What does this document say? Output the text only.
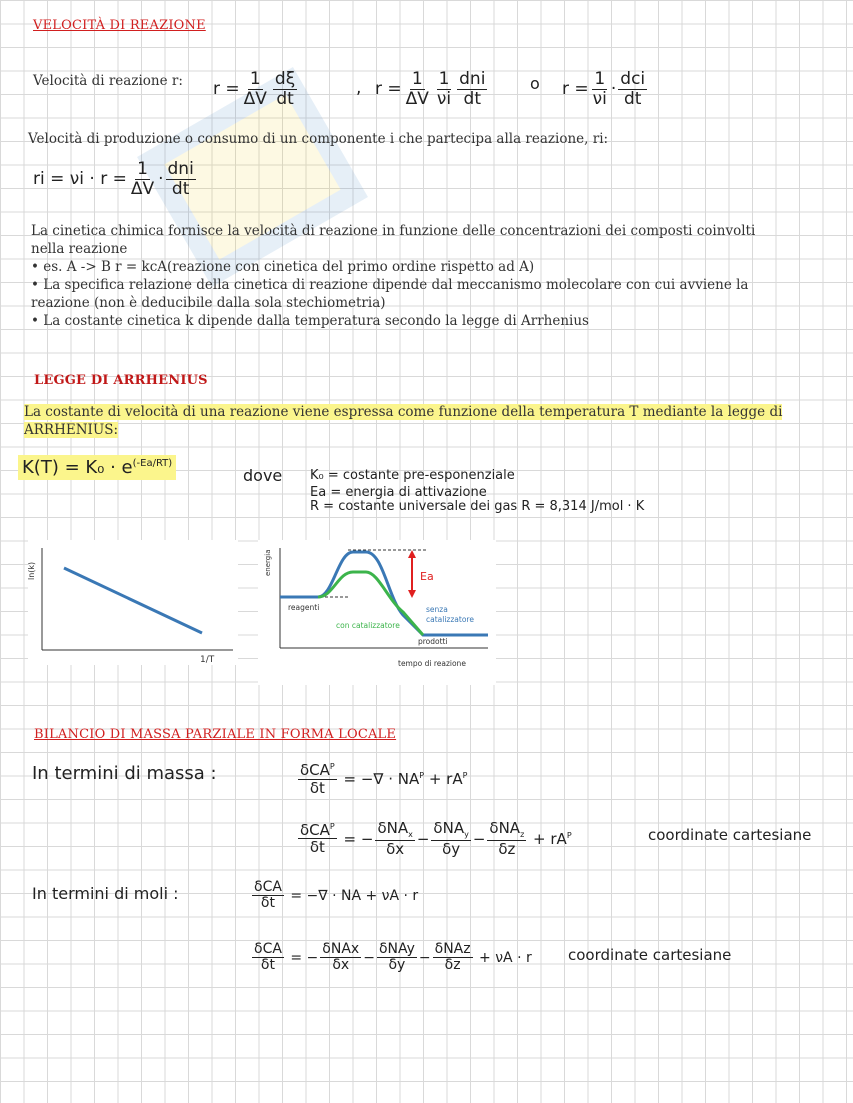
VELOCITÀ DI REAZIONE
Velocità di reazione r: $r = \frac{1}{\Delta V} \frac{d\xi}{dt}$	, $r = \frac{1}{\Delta V} \frac{1}{\nu i} \frac{\text{dni}}{dt}$	o $r = \frac{1}{\nu i} \cdot \frac{\text{dci}}{dt}$
Velocità di produzione o consumo di un componente i che partecipa alla reazione, ri:
ri = $\nu i \cdot r = \frac{1}{\Delta V} \cdot \frac{\text{dni}}{dt}$
La cinetica chimica fornisce la velocità di reazione in funzione delle concentrazioni dei composti coinvolti nella reazione
• es. A -> B r = kcA(reazione con cinetica del primo ordine rispetto ad A)
• La specifica relazione della cinetica di reazione dipende dal meccanismo molecolare con cui avviene la reazione (non è deducibile dalla sola stechiometria)
• La costante cinetica k dipende dalla temperatura secondo la legge di Arrhenius
LEGGE DI ARRHENIUS
La costante di velocità di una reazione viene espressa come funzione della temperatura T mediante la legge di ARRHENIUS:
$K(T) = K_0 \cdot e^{(-Ea/RT)}$
dove K₀ = costante pre-esponenziale
Ea = energia di attivazione
R = costante universale dei gas R = 8,314 J/mol · K
ln(k)
1/T
energia
Ea
reagenti	senza catalizzatore
con catalizzatore
prodotti
tempo di reazione
BILANCIO DI MASSA PARZIALE IN FORMA LOCALE
In termini di massa :	$\frac{\delta CA^P}{\delta t}$ = −∇ · $NA^P + rA^P$
$\frac{\delta CA^P}{\delta t}$ = − $\frac{\delta NA_x}{\delta x} - \frac{\delta NA_y}{\delta y} - \frac{\delta NA_z}{\delta z} + rA^P$	coordinate cartesiane
In termini di moli :	$\frac{\text{δCA}}{\delta t}$ = −∇ · NA + νA · r
$\frac{\text{δCA}}{\delta t}$ = − $\frac{\text{δNAx}}{\delta x} - \frac{\text{δNAy}}{\delta y} - \frac{\text{δNAz}}{\delta z} + \nu A \cdot r$ coordinate cartesiane
